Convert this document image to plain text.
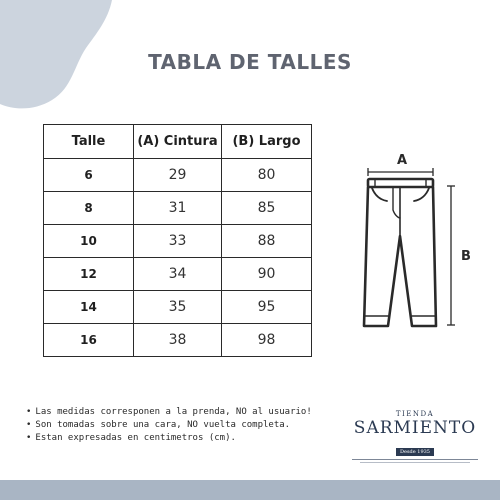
TABLA DE TALLES
Talle	(A) Cintura	(B) Largo
6	29	80
8	31	85
10	33	88
12	34	90
14	35	95
16	38	98
A
B
• Las medidas corresponen a la prenda, NO al usuario!
• Son tomadas sobre una cara, NO vuelta completa.
• Estan expresadas en centimetros (cm).
TIENDA
SARMIENTO
Desde 1935
